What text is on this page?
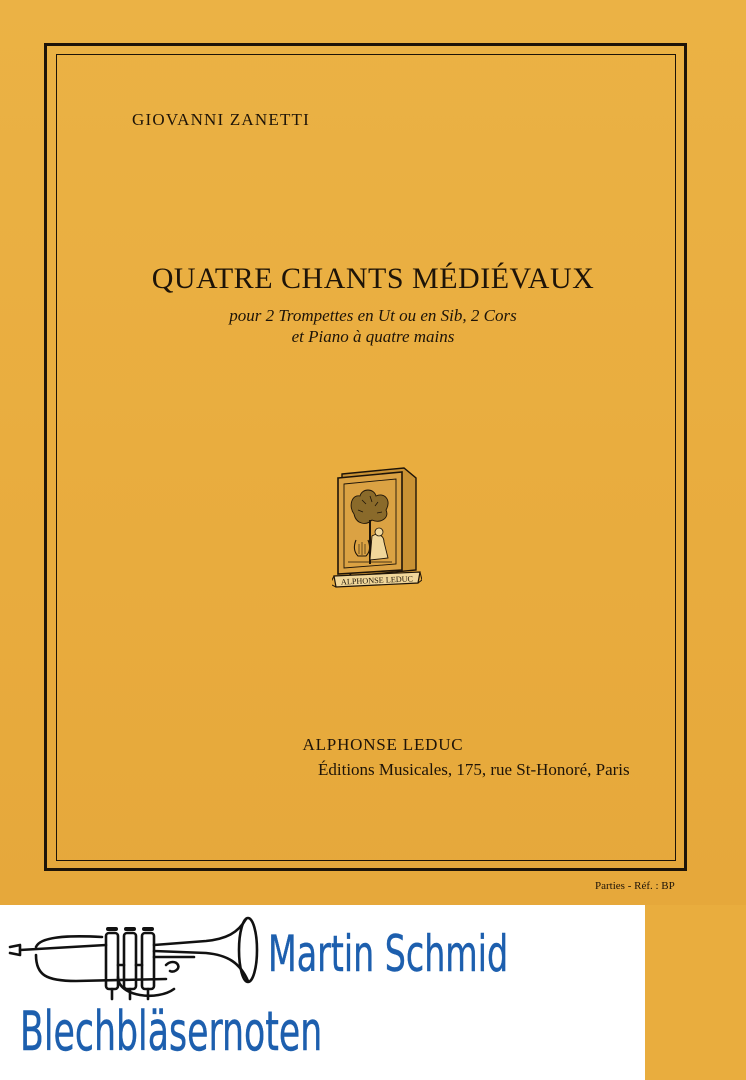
GIOVANNI ZANETTI
QUATRE CHANTS MÉDIÉVAUX
pour 2 Trompettes en Ut ou en Sib, 2 Cors
et Piano à quatre mains
ALPHONSE LEDUC
ALPHONSE LEDUC
Éditions Musicales, 175, rue St-Honoré, Paris
Parties - Réf. : BP
Martin Schmid
Blechbläsernoten
